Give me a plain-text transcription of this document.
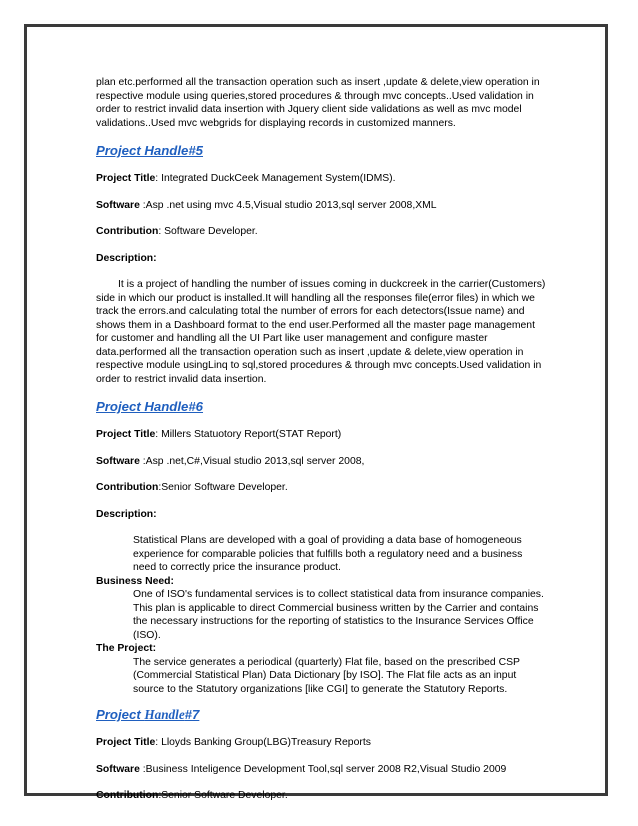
plan etc.performed all the transaction operation such as insert ,update & delete,view operation in respective module using queries,stored procedures & through mvc concepts..Used validation in order to restrict invalid data insertion with Jquery client side validations as well as mvc model validations..Used mvc webgrids for displaying records in customized manners.

Project Handle#5

Project Title: Integrated DuckCeek Management System(IDMS).

Software :Asp .net using mvc 4.5,Visual studio 2013,sql server 2008,XML

Contribution: Software Developer.

Description:

It is a project of handling the number of issues coming in duckcreek in the carrier(Customers) side in which our product is installed.It will handling all the responses file(error files) in which we track the errors.and calculating total the number of errors for each detectors(Issue name) and shows them in a Dashboard format to the end user.Performed all the master page management for customer and handling all the UI Part like user management and configure master data.performed all the transaction operation such as insert ,update & delete,view operation in respective module usingLinq to sql,stored procedures & through mvc concepts.Used validation in order to restrict invalid data insertion.

Project Handle#6

Project Title: Millers Statuotory Report(STAT Report)

Software :Asp .net,C#,Visual studio 2013,sql server 2008,

Contribution:Senior Software Developer.

Description:

Statistical Plans are developed with a goal of providing a data base of homogeneous experience for comparable policies that fulfills both a regulatory need and a business need to correctly price the insurance product.

Business Need:

One of ISO's fundamental services is to collect statistical data from insurance companies. This plan is applicable to direct Commercial business written by the Carrier and contains the necessary instructions for the reporting of statistics to the Insurance Services Office (ISO).

The Project:

The service generates a periodical (quarterly) Flat file, based on the prescribed CSP (Commercial Statistical Plan) Data Dictionary [by ISO]. The Flat file acts as an input source to the Statutory organizations [like CGI] to generate the Statutory Reports.

Project Handle#7

Project Title: Lloyds Banking Group(LBG)Treasury Reports

Software :Business Inteligence Development Tool,sql server 2008 R2,Visual Studio 2009

Contribution:Senior Software Developer.
